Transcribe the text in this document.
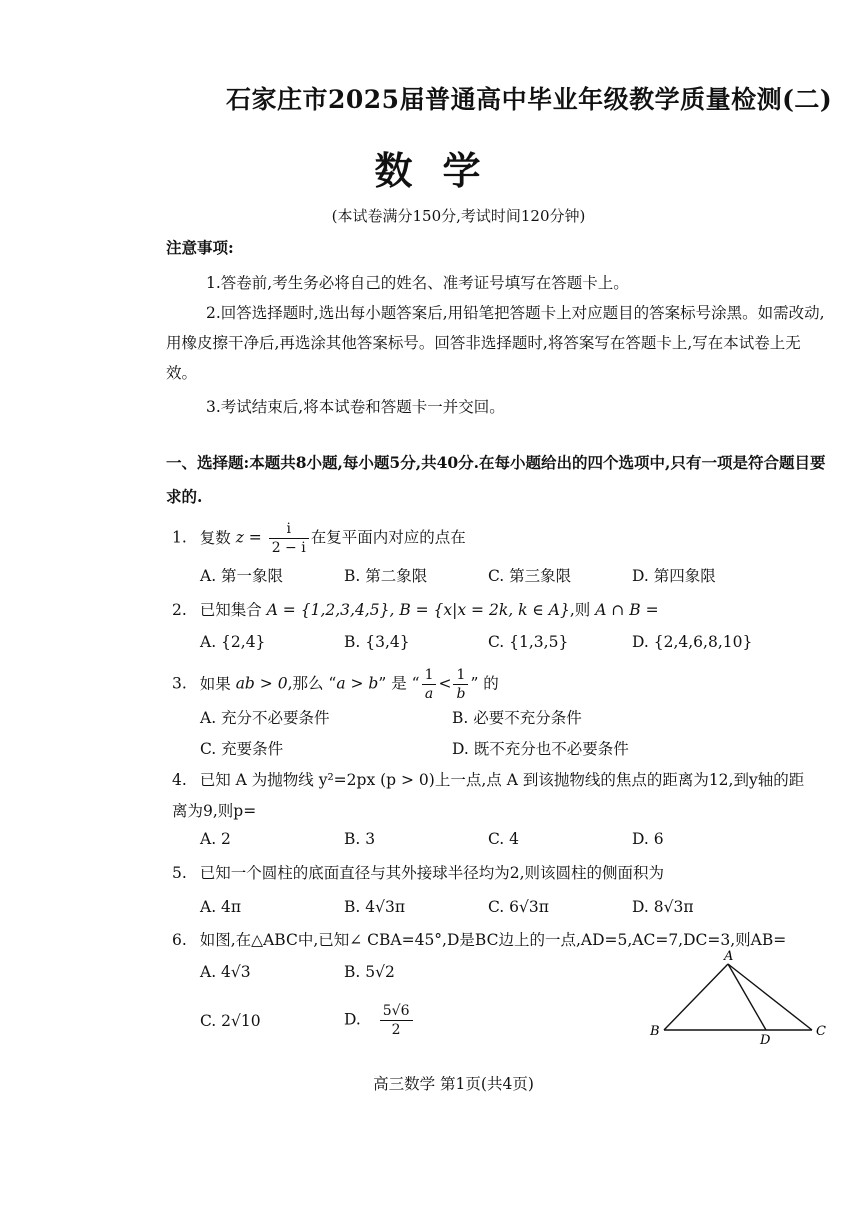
石家庄市2025届普通高中毕业年级教学质量检测(二)
数学
(本试卷满分150分,考试时间120分钟)
注意事项:
1.答卷前,考生务必将自己的姓名、准考证号填写在答题卡上。
2.回答选择题时,选出每小题答案后,用铅笔把答题卡上对应题目的答案标号涂黑。如需改动,用橡皮擦干净后,再选涂其他答案标号。回答非选择题时,将答案写在答题卡上,写在本试卷上无效。
3.考试结束后,将本试卷和答题卡一并交回。
一、选择题:本题共8小题,每小题5分,共40分.在每小题给出的四个选项中,只有一项是符合题目要求的.
1. 复数 $z = \frac{i}{2 - i}$ 在复平面内对应的点在
A. 第一象限	B. 第二象限	C. 第三象限	D. 第四象限
2. 已知集合 A = {1,2,3,4,5}, B = {x|x = 2k, k ∈ A},则 A ∩ B =
A. {2,4}	B. {3,4}	C. {1,3,5}	D. {2,4,6,8,10}
3. 如果 ab > 0,那么 “a > b” 是 “ $\frac{1}{a} < \frac{1}{b}$ ” 的
A. 充分不必要条件	B. 必要不充分条件
C. 充要条件	D. 既不充分也不必要条件
4. 已知 A 为抛物线 y²=2px (p > 0)上一点,点 A 到该抛物线的焦点的距离为12,到y轴的距
离为9,则p=
A. 2	B. 3	C. 4	D. 6
5. 已知一个圆柱的底面直径与其外接球半径均为2,则该圆柱的侧面积为
A. 4π	B. 4√3π	C. 6√3π	D. 8√3π
6. 如图,在△ABC中,已知∠ CBA=45°,D是BC边上的一点,AD=5,AC=7,DC=3,则AB=
A. 4√3	B. 5√2
C. 2√10	D. $\frac{5√6}{2}$
A
B	C
D
高三数学 第1页(共4页)
